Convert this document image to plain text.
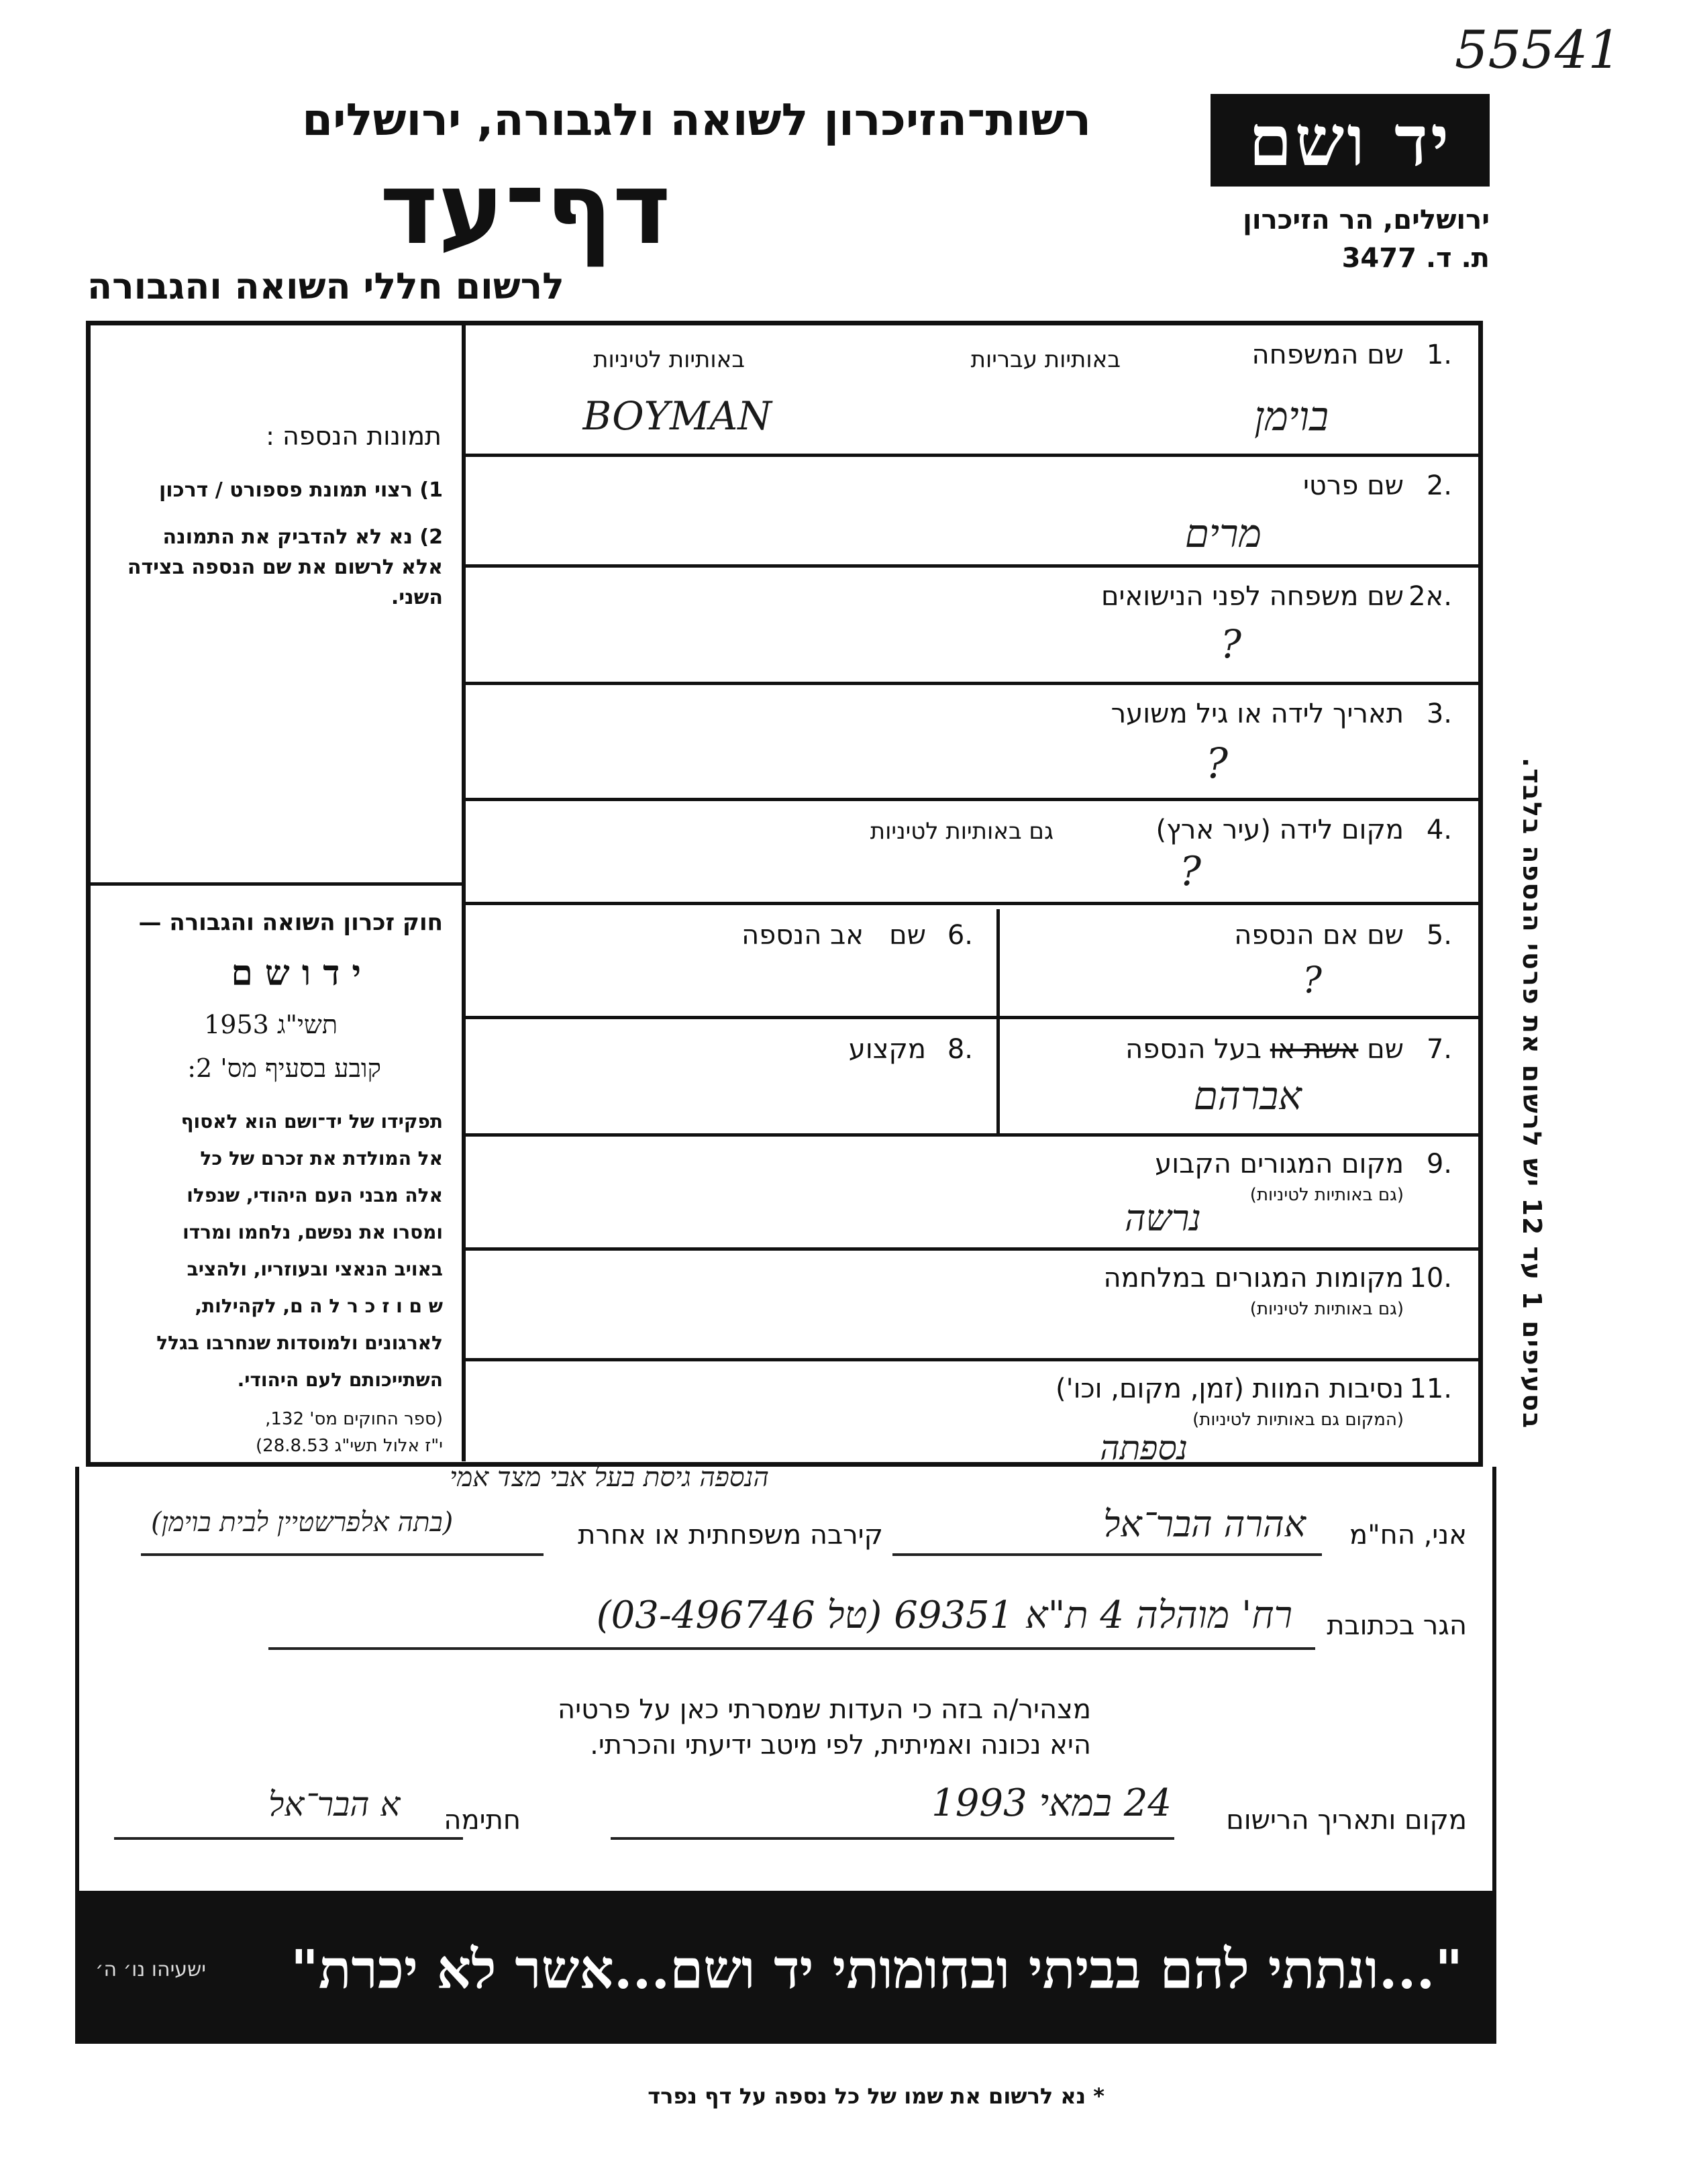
55541
רשות־הזיכרון לשואה ולגבורה, ירושלים
דף־עד
לרשום חללי השואה והגבורה
יד ושם
ירושלים, הר הזיכרון
ת. ד. 3477
תמונות הנספה :
1) רצוי תמונת פספורט / דרכון
2) נא לא להדביק את התמונה
אלא לרשום את שם הנספה בצידה
השני.
חוק זכרון השואה והגבורה —
י ד ו ש ם
תשי"ג 1953
קובע בסעיף מס' 2:
תפקידו של יד־ושם הוא לאסוף
אל המולדת את זכרם של כל
אלה מבני העם היהודי, שנפלו
ומסרו את נפשם, נלחמו ומרדו
באויב הנאצי ובעוזריו, ולהציב
ש ם ו ז כ ר ל ה ם, לקהילות,
לארגונים ולמוסדות שנחרבו בגלל
השתייכותם לעם היהודי.
(ספר החוקים מס' 132,
י"ז אלול תשי"ג 28.8.53)
1.
שם המשפחה
באותיות עבריות
באותיות לטיניות
בוימן
BOYMAN
2.
שם פרטי
מרים
2א.
שם משפחה לפני הנישואים
?
3.
תאריך לידה או גיל משוער
?
4.
מקום לידה (עיר ארץ)
גם באותיות לטיניות
?
5.
שם אם הנספה
?
6.
שם   אב הנספה
7.
שם אשת או בעל הנספה
אברהם
8.
מקצוע
9.
מקום המגורים הקבוע
(גם באותיות לטיניות)
נרשה
10.
מקומות המגורים במלחמה
(גם באותיות לטיניות)
11.
נסיבות המוות (זמן, מקום, וכו')
(המקום גם באותיות לטיניות)
נספתה
בסעיפים 1 עד 12 יש לרשום את פרטי הנספה בלבד.
הנספה גיסת בעל אבי מצד אמי
אני, הח"מ
אהרה הבר־אל
קירבה משפחתית או אחרת
(בתה אלפרשטיין לבית בוימן)
הגר בכתובת
רח' מוהלה 4 ת"א 69351 (טל 03-496746)
מצהיר/ה בזה כי העדות שמסרתי כאן על פרטיה
היא נכונה ואמיתית, לפי מיטב ידיעתי והכרתי.
מקום ותאריך הרישום
24 במאי 1993
חתימה
א הבר־אל
"...ונתתי להם בביתי ובחומותי יד ושם...אשר לא יכרת"
ישעיהו נו׳ ה׳
* נא לרשום את שמו של כל נספה על דף נפרד
